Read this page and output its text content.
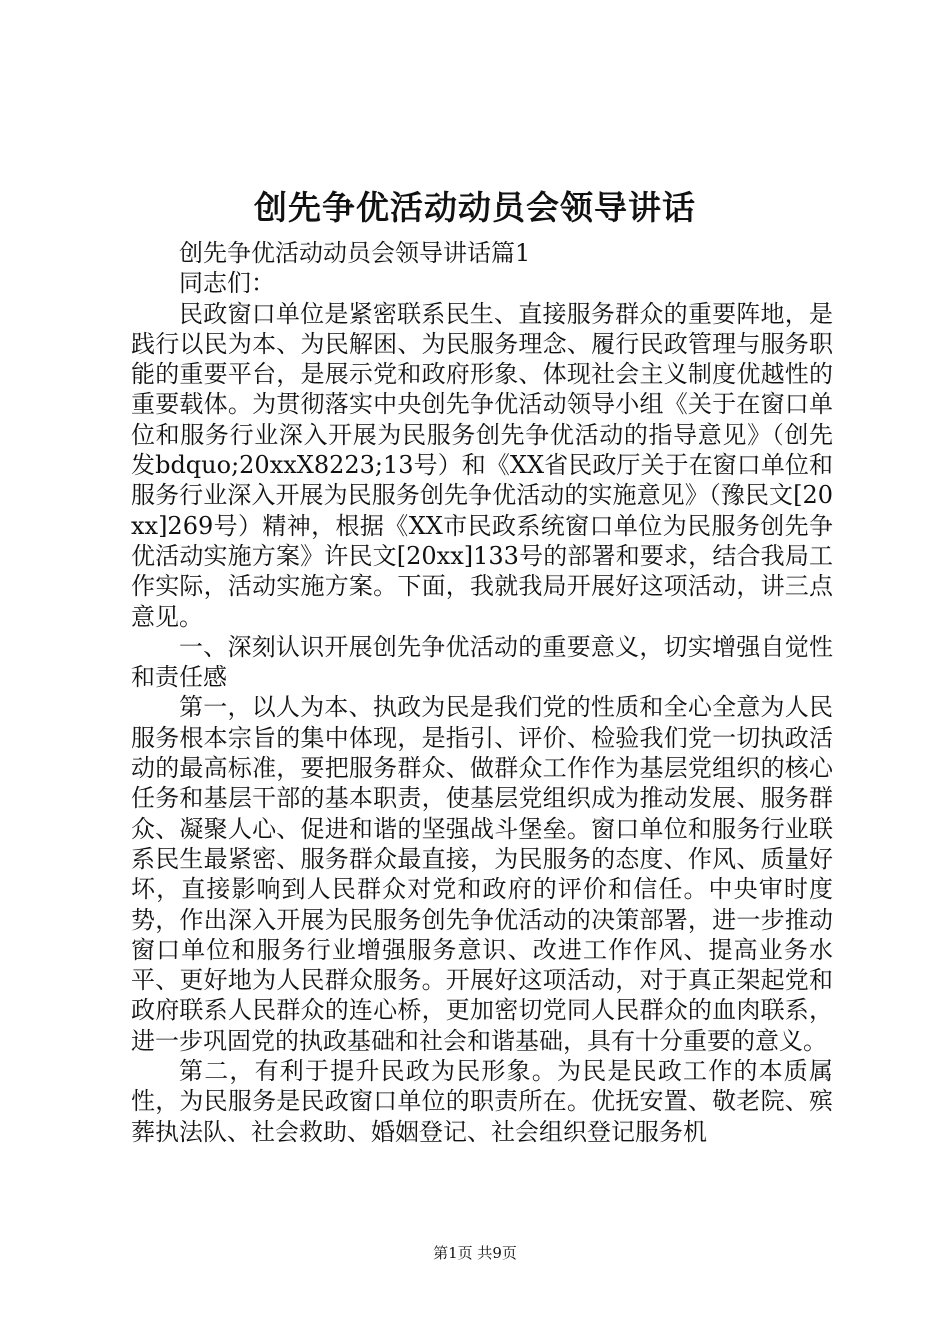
创先争优活动动员会领导讲话

创先争优活动动员会领导讲话篇1

同志们：

民政窗口单位是紧密联系民生、直接服务群众的重要阵地，是践行以民为本、为民解困、为民服务理念、履行民政管理与服务职能的重要平台，是展示党和政府形象、体现社会主义制度优越性的重要载体。为贯彻落实中央创先争优活动领导小组《关于在窗口单位和服务行业深入开展为民服务创先争优活动的指导意见》（创先发bdquo;20xxX8223;13号）和《XX省民政厅关于在窗口单位和服务行业深入开展为民服务创先争优活动的实施意见》（豫民文[20xx]269号）精神，根据《XX市民政系统窗口单位为民服务创先争优活动实施方案》许民文[20xx]133号的部署和要求，结合我局工作实际，活动实施方案。下面，我就我局开展好这项活动，讲三点意见。

一、深刻认识开展创先争优活动的重要意义，切实增强自觉性和责任感

第一，以人为本、执政为民是我们党的性质和全心全意为人民服务根本宗旨的集中体现，是指引、评价、检验我们党一切执政活动的最高标准，要把服务群众、做群众工作作为基层党组织的核心任务和基层干部的基本职责，使基层党组织成为推动发展、服务群众、凝聚人心、促进和谐的坚强战斗堡垒。窗口单位和服务行业联系民生最紧密、服务群众最直接，为民服务的态度、作风、质量好坏，直接影响到人民群众对党和政府的评价和信任。中央审时度势，作出深入开展为民服务创先争优活动的决策部署，进一步推动窗口单位和服务行业增强服务意识、改进工作作风、提高业务水平、更好地为人民群众服务。开展好这项活动，对于真正架起党和政府联系人民群众的连心桥，更加密切党同人民群众的血肉联系，进一步巩固党的执政基础和社会和谐基础，具有十分重要的意义。

第二，有利于提升民政为民形象。为民是民政工作的本质属性，为民服务是民政窗口单位的职责所在。优抚安置、敬老院、殡葬执法队、社会救助、婚姻登记、社会组织登记服务机

第1页 共9页
